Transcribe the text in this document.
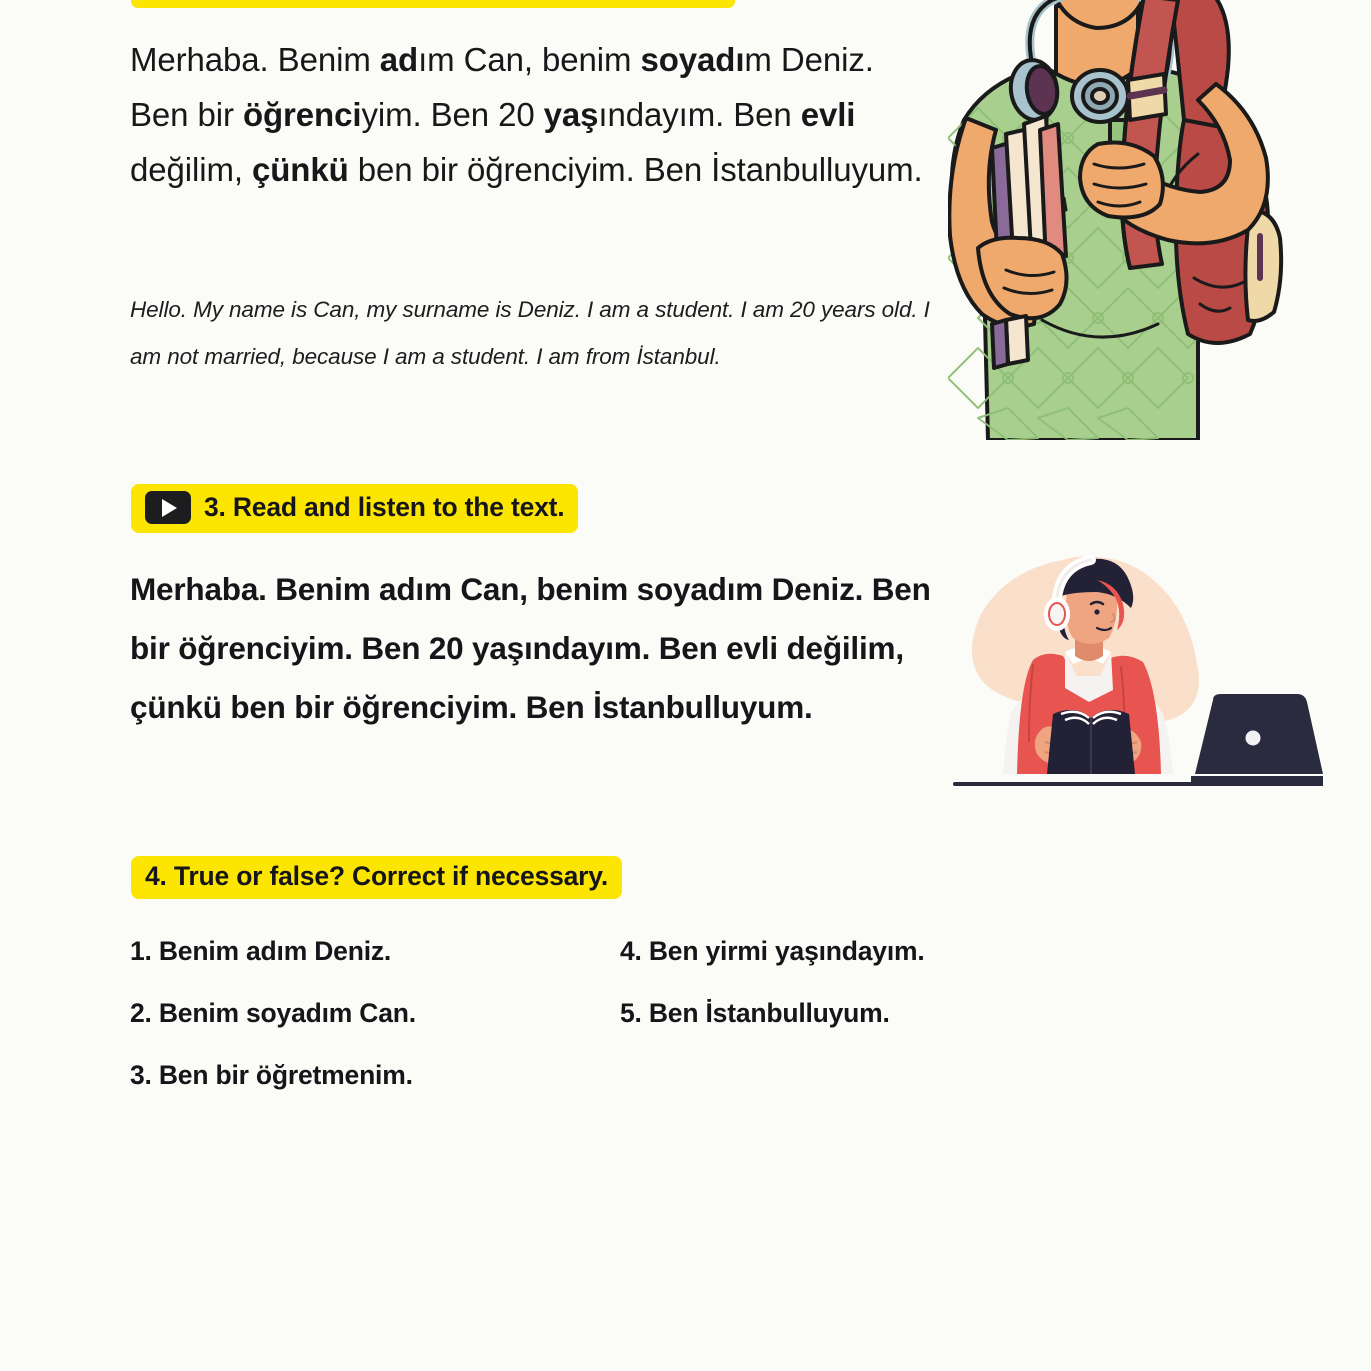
Merhaba. Benim adım Can, benim soyadım Deniz. Ben bir öğrenciyim. Ben 20 yaşındayım. Ben evli değilim, çünkü ben bir öğrenciyim. Ben İstanbulluyum.
Hello. My name is Can, my surname is Deniz. I am a student. I am 20 years old. I am not married, because I am a student. I am from İstanbul.
3. Read and listen to the text.
Merhaba. Benim adım Can, benim soyadım Deniz. Ben bir öğrenciyim. Ben 20 yaşındayım. Ben evli değilim, çünkü ben bir öğrenciyim. Ben İstanbulluyum.
4. True or false? Correct if necessary.
1. Benim adım Deniz.
2. Benim soyadım Can.
3. Ben bir öğretmenim.
4. Ben yirmi yaşındayım.
5. Ben İstanbulluyum.
